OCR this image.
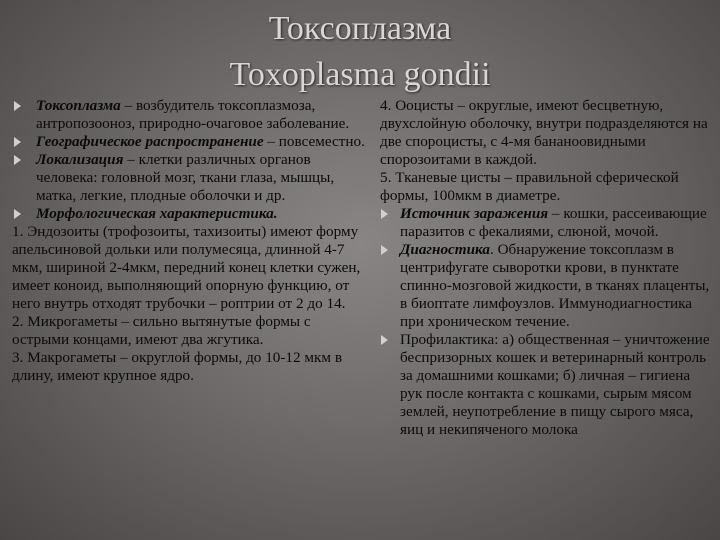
Токсоплазма
Toxoplasma gondii
Токсоплазма – возбудитель токсоплазмоза, антропозооноз, природно-очаговое заболевание.
Географическое распространение – повсеместно.
Локализация – клетки различных органов человека: головной мозг, ткани глаза, мышцы, матка, легкие, плодные оболочки и др.
Морфологическая характеристика.
1. Эндозоиты (трофозоиты, тахизоиты) имеют форму апельсиновой дольки или полумесяца, длинной 4-7 мкм, шириной 2-4мкм, передний конец клетки сужен, имеет коноид, выполняющий опорную функцию, от него внутрь отходят трубочки – роптрии от 2 до 14.
2. Микрогаметы – сильно вытянутые формы с острыми концами, имеют два жгутика.
3. Макрогаметы – округлой формы, до 10-12 мкм в длину, имеют крупное ядро.
4. Ооцисты – округлые, имеют бесцветную, двухслойную оболочку, внутри подразделяются на две спороцисты, с 4-мя бананоовидными спорозоитами в каждой.
5. Тканевые цисты – правильной сферической формы, 100мкм в диаметре.
Источник заражения – кошки, рассеивающие паразитов с фекалиями, слюной, мочой.
Диагностика. Обнаружение токсоплазм в центрифугате сыворотки крови, в пунктате спинно-мозговой жидкости, в тканях плаценты, в биоптате лимфоузлов. Иммунодиагностика при хроническом течение.
Профилактика: а) общественная – уничтожение беспризорных кошек и ветеринарный контроль за домашними кошками; б) личная – гигиена рук после контакта с кошками, сырым мясом землей, неупотребление в пищу сырого мяса, яиц и некипяченого молока
